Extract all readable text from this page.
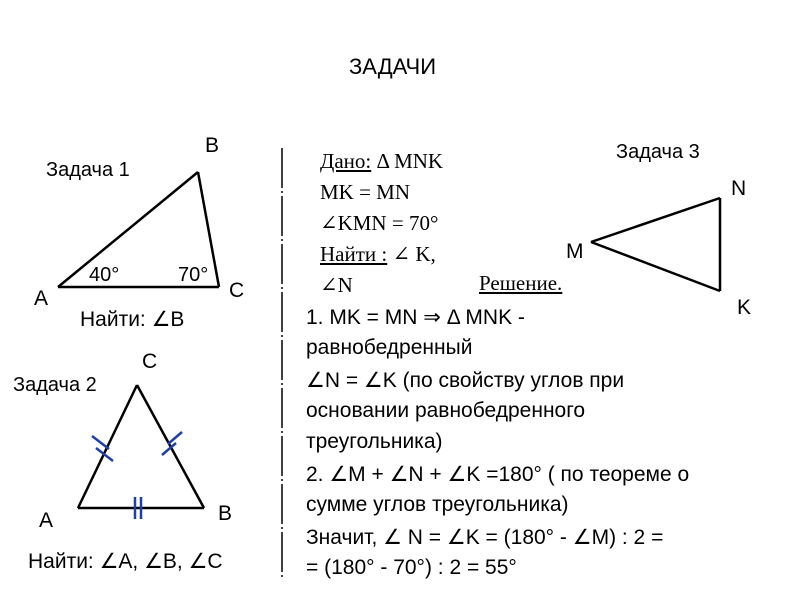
ЗАДАЧИ
Задача 1
B
A	C
40°	70°
Найти: ∠B
Задача 2
C
A	B
Найти: ∠A, ∠B, ∠C
Дано: Δ MNK
MK = MN
∠KMN = 70°
Найти : ∠ K,
∠N	Решение.
Задача 3
N
M
K
1. MK = MN ⇒ Δ MNK -
равнобедренный
∠N = ∠K (по свойству углов при
основании равнобедренного
треугольника)
2. ∠M + ∠N + ∠K =180° ( по теореме о
сумме углов треугольника)
Значит, ∠ N = ∠K = (180° - ∠M) : 2 =
= (180° - 70°) : 2 = 55°
